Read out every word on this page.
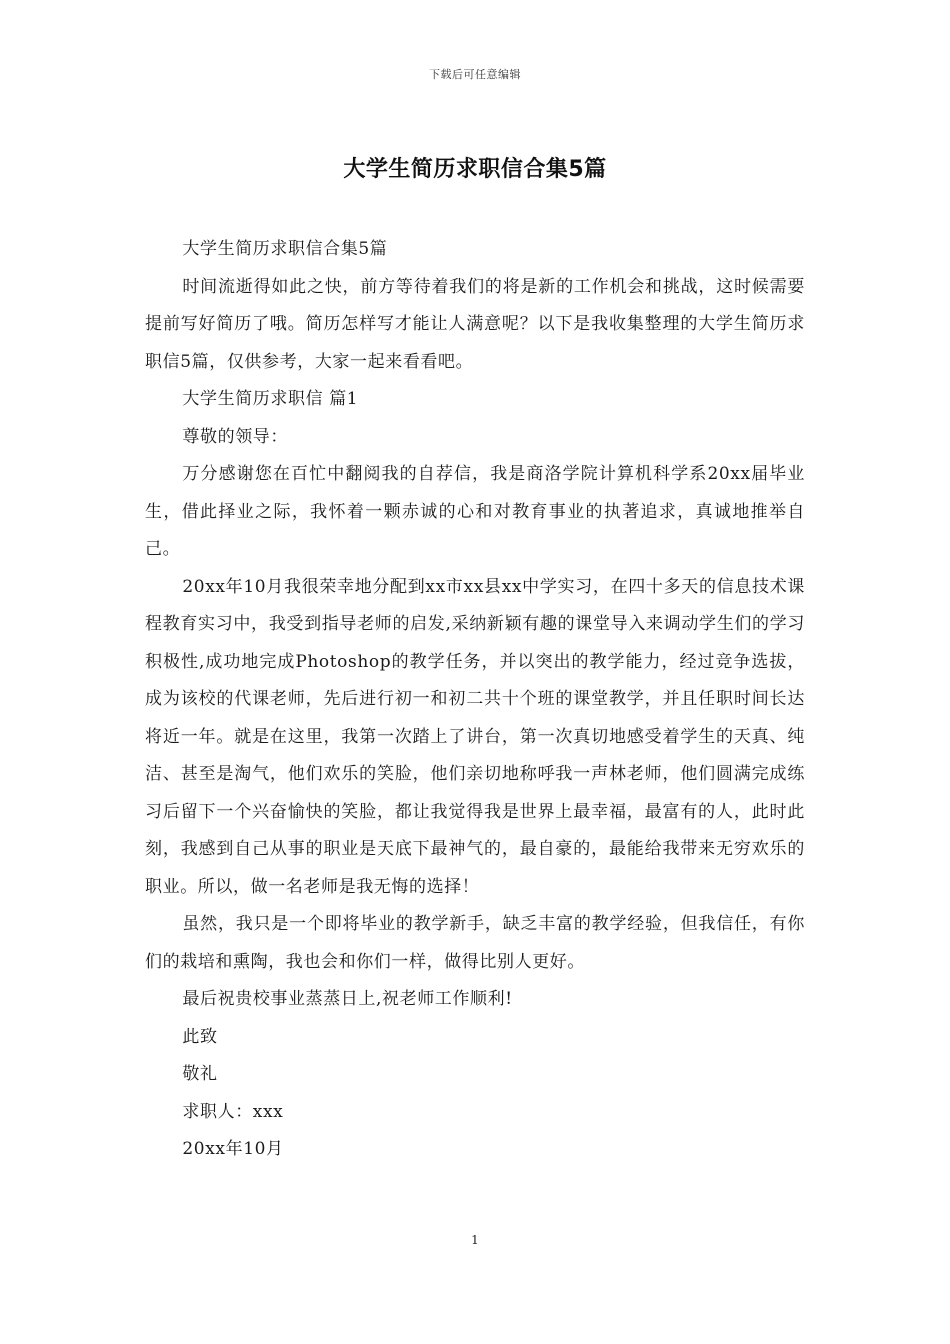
下载后可任意编辑
大学生简历求职信合集5篇

大学生简历求职信合集5篇

时间流逝得如此之快，前方等待着我们的将是新的工作机会和挑战，这时候需要提前写好简历了哦。简历怎样写才能让人满意呢？以下是我收集整理的大学生简历求职信5篇，仅供参考，大家一起来看看吧。

大学生简历求职信 篇1

尊敬的领导：

万分感谢您在百忙中翻阅我的自荐信，我是商洛学院计算机科学系20xx届毕业生，借此择业之际，我怀着一颗赤诚的心和对教育事业的执著追求，真诚地推举自己。

20xx年10月我很荣幸地分配到xx市xx县xx中学实习，在四十多天的信息技术课程教育实习中，我受到指导老师的启发,采纳新颖有趣的课堂导入来调动学生们的学习积极性,成功地完成Photoshop的教学任务，并以突出的教学能力，经过竞争选拔，成为该校的代课老师，先后进行初一和初二共十个班的课堂教学，并且任职时间长达将近一年。就是在这里，我第一次踏上了讲台，第一次真切地感受着学生的天真、纯洁、甚至是淘气，他们欢乐的笑脸，他们亲切地称呼我一声林老师，他们圆满完成练习后留下一个兴奋愉快的笑脸，都让我觉得我是世界上最幸福，最富有的人，此时此刻，我感到自己从事的职业是天底下最神气的，最自豪的，最能给我带来无穷欢乐的职业。所以，做一名老师是我无悔的选择！

虽然，我只是一个即将毕业的教学新手，缺乏丰富的教学经验，但我信任，有你们的栽培和熏陶，我也会和你们一样，做得比别人更好。

最后祝贵校事业蒸蒸日上,祝老师工作顺利!

此致

敬礼

求职人：xxx

20xx年10月

1
